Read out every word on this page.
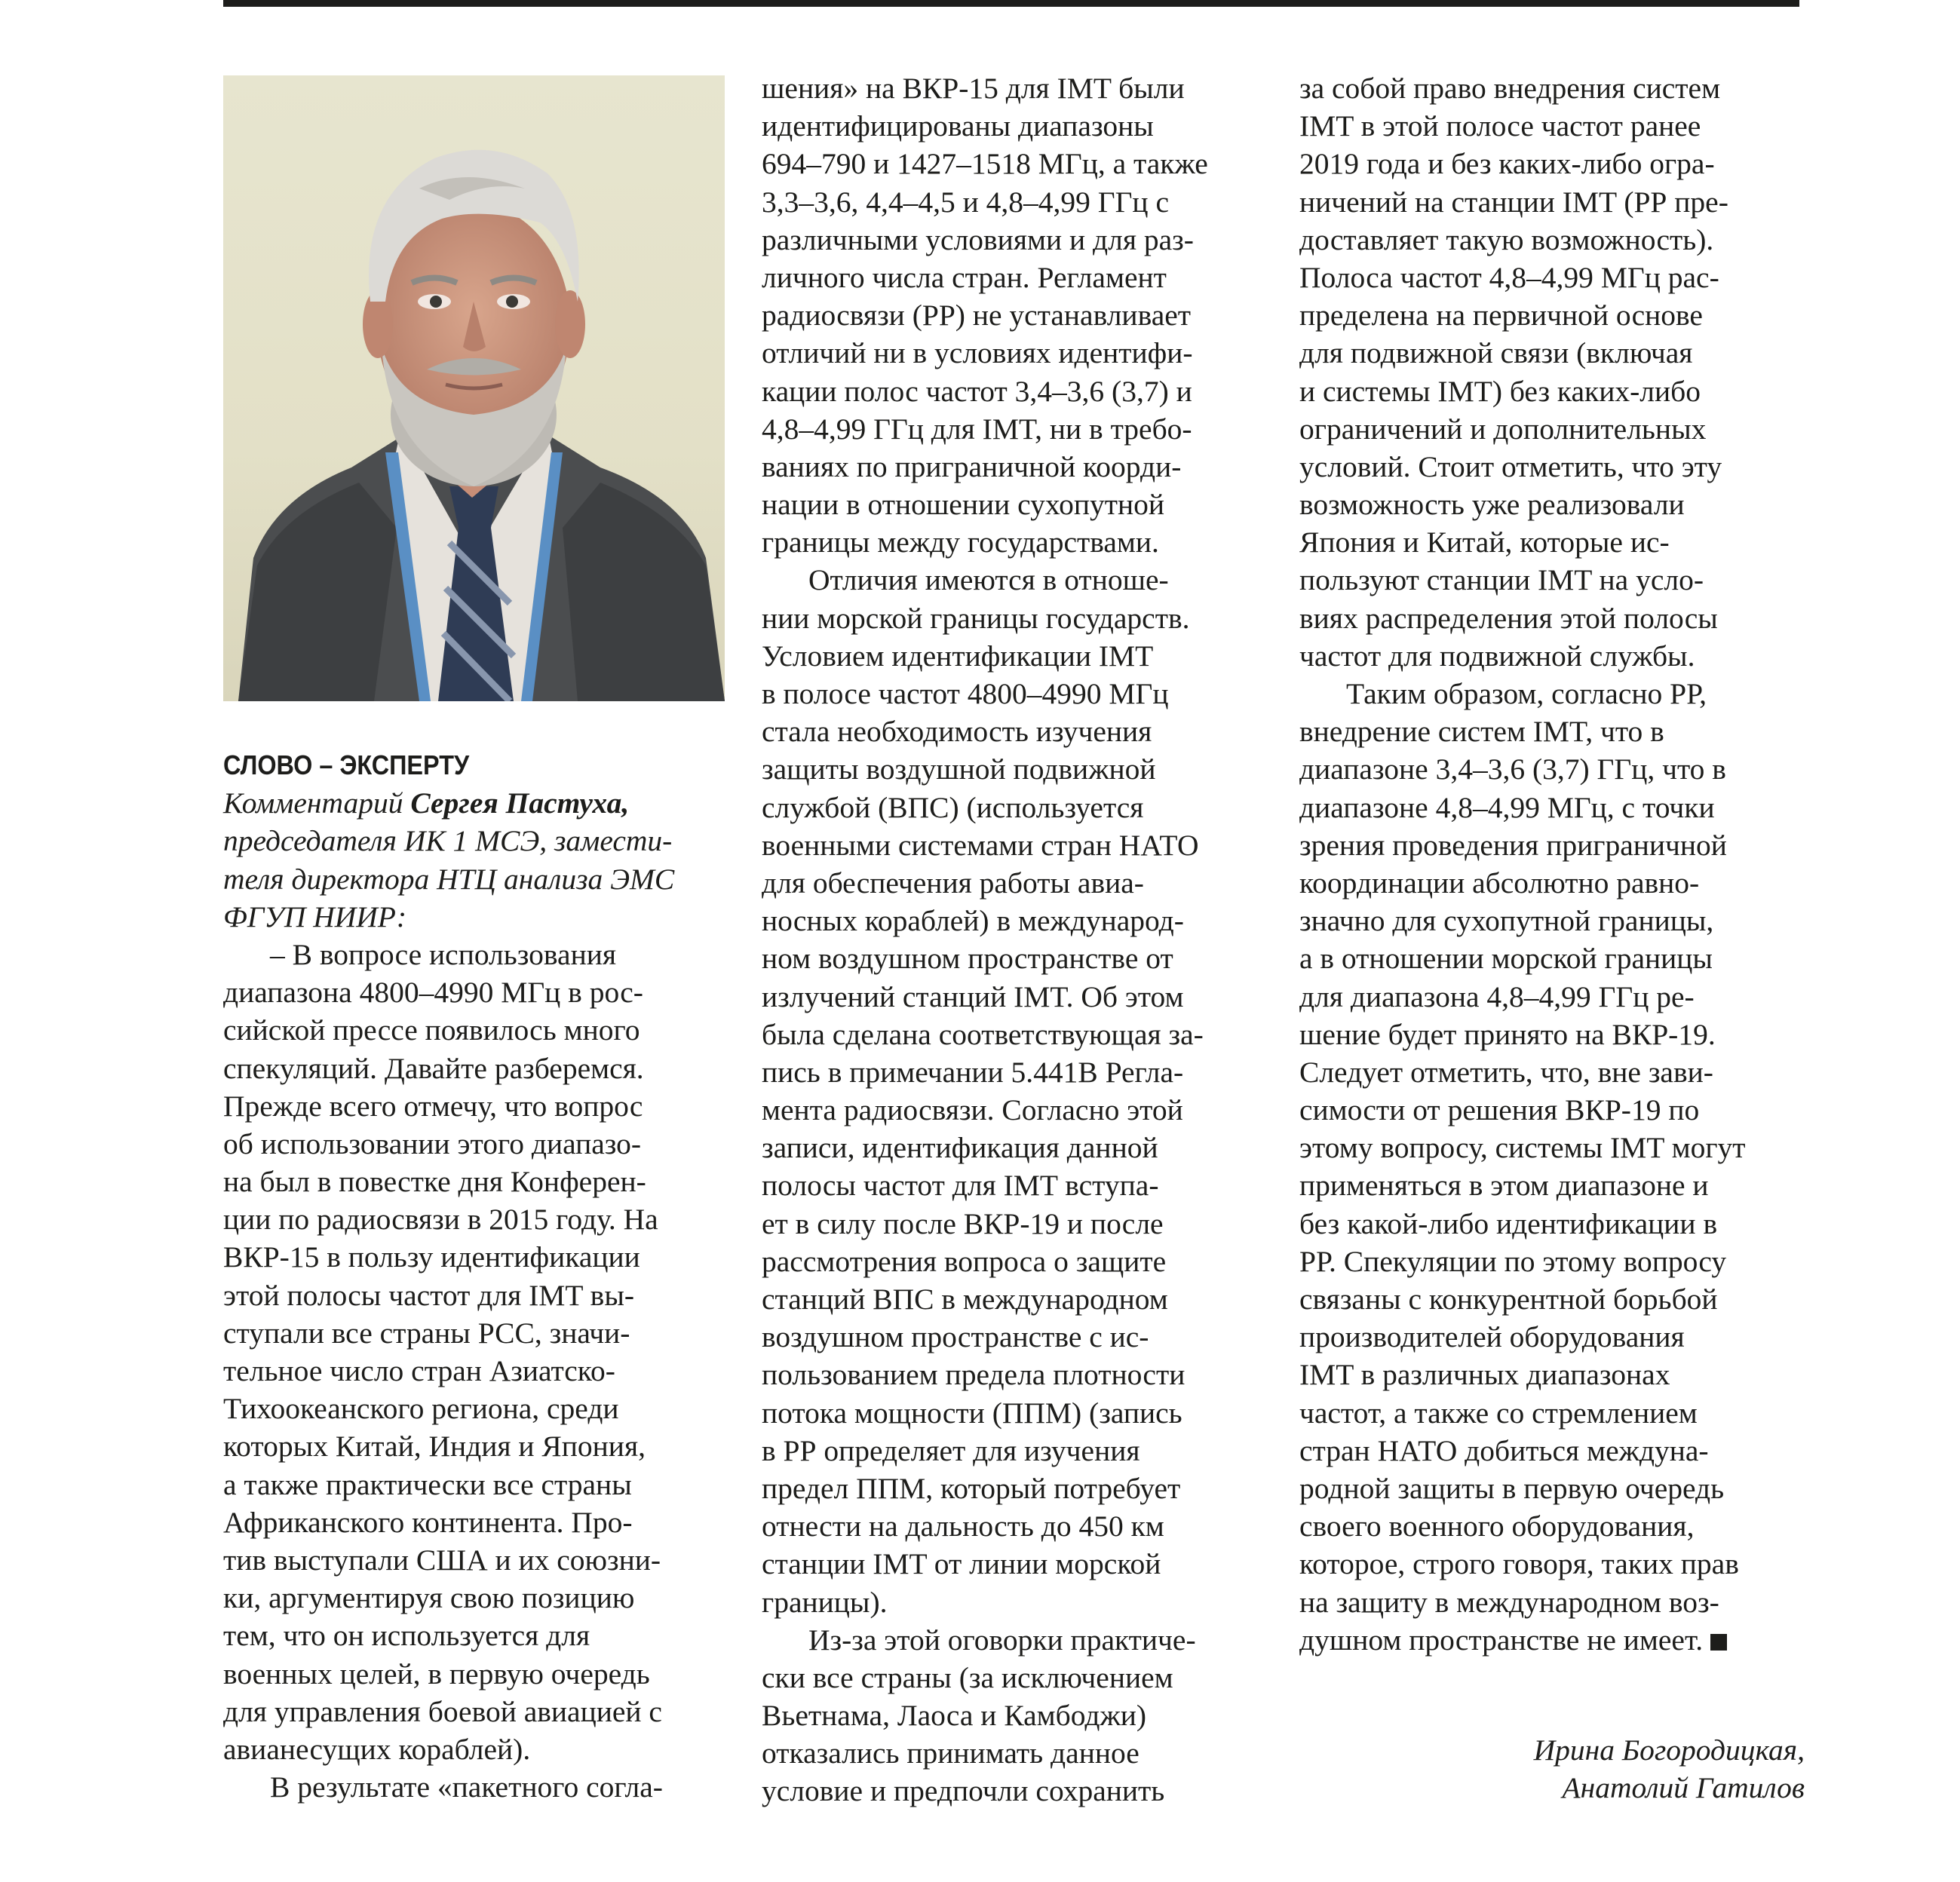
СЛОВО – ЭКСПЕРТУ
Комментарий Сергея Пастуха,
председателя ИК 1 МСЭ, замести-
теля директора НТЦ анализа ЭМС
ФГУП НИИР:
– В вопросе использования
диапазона 4800–4990 МГц в рос-
сийской прессе появилось много
спекуляций. Давайте разберемся.
Прежде всего отмечу, что вопрос
об использовании этого диапазо-
на был в повестке дня Конферен-
ции по радиосвязи в 2015 году. На
ВКР-15 в пользу идентификации
этой полосы частот для IMT вы-
ступали все страны РСС, значи-
тельное число стран Азиатско-
Тихоокеанского региона, среди
которых Китай, Индия и Япония,
а также практически все страны
Африканского континента. Про-
тив выступали США и их союзни-
ки, аргументируя свою позицию
тем, что он используется для
военных целей, в первую очередь
для управления боевой авиацией с
авианесущих кораблей).
В результате «пакетного согла-
шения» на ВКР-15 для IMT были
идентифицированы диапазоны
694–790 и 1427–1518 МГц, а также
3,3–3,6, 4,4–4,5 и 4,8–4,99 ГГц с
различными условиями и для раз-
личного числа стран. Регламент
радиосвязи (РР) не устанавливает
отличий ни в условиях идентифи-
кации полос частот 3,4–3,6 (3,7) и
4,8–4,99 ГГц для IMT, ни в требо-
ваниях по приграничной коорди-
нации в отношении сухопутной
границы между государствами.
Отличия имеются в отноше-
нии морской границы государств.
Условием идентификации IMT
в полосе частот 4800–4990 МГц
стала необходимость изучения
защиты воздушной подвижной
службой (ВПС) (используется
военными системами стран НАТО
для обеспечения работы авиа-
носных кораблей) в международ-
ном воздушном пространстве от
излучений станций IMT. Об этом
была сделана соответствующая за-
пись в примечании 5.441В Регла-
мента радиосвязи. Согласно этой
записи, идентификация данной
полосы частот для IMT вступа-
ет в силу после ВКР-19 и после
рассмотрения вопроса о защите
станций ВПС в международном
воздушном пространстве с ис-
пользованием предела плотности
потока мощности (ППМ) (запись
в РР определяет для изучения
предел ППМ, который потребует
отнести на дальность до 450 км
станции IMT от линии морской
границы).
Из-за этой оговорки практиче-
ски все страны (за исключением
Вьетнама, Лаоса и Камбоджи)
отказались принимать данное
условие и предпочли сохранить
за собой право внедрения систем
IMT в этой полосе частот ранее
2019 года и без каких-либо огра-
ничений на станции IMT (РР пре-
доставляет такую возможность).
Полоса частот 4,8–4,99 МГц рас-
пределена на первичной основе
для подвижной связи (включая
и системы IMT) без каких-либо
ограничений и дополнительных
условий. Стоит отметить, что эту
возможность уже реализовали
Япония и Китай, которые ис-
пользуют станции IMT на усло-
виях распределения этой полосы
частот для подвижной службы.
Таким образом, согласно РР,
внедрение систем IMT, что в
диапазоне 3,4–3,6 (3,7) ГГц, что в
диапазоне 4,8–4,99 МГц, с точки
зрения проведения приграничной
координации абсолютно равно-
значно для сухопутной границы,
а в отношении морской границы
для диапазона 4,8–4,99 ГГц ре-
шение будет принято на ВКР-19.
Следует отметить, что, вне зави-
симости от решения ВКР-19 по
этому вопросу, системы IMT могут
применяться в этом диапазоне и
без какой-либо идентификации в
РР. Спекуляции по этому вопросу
связаны с конкурентной борьбой
производителей оборудования
IMT в различных диапазонах
частот, а также со стремлением
стран НАТО добиться междуна-
родной защиты в первую очередь
своего военного оборудования,
которое, строго говоря, таких прав
на защиту в международном воз-
душном пространстве не имеет.
Ирина Богородицкая,
Анатолий Гатилов
